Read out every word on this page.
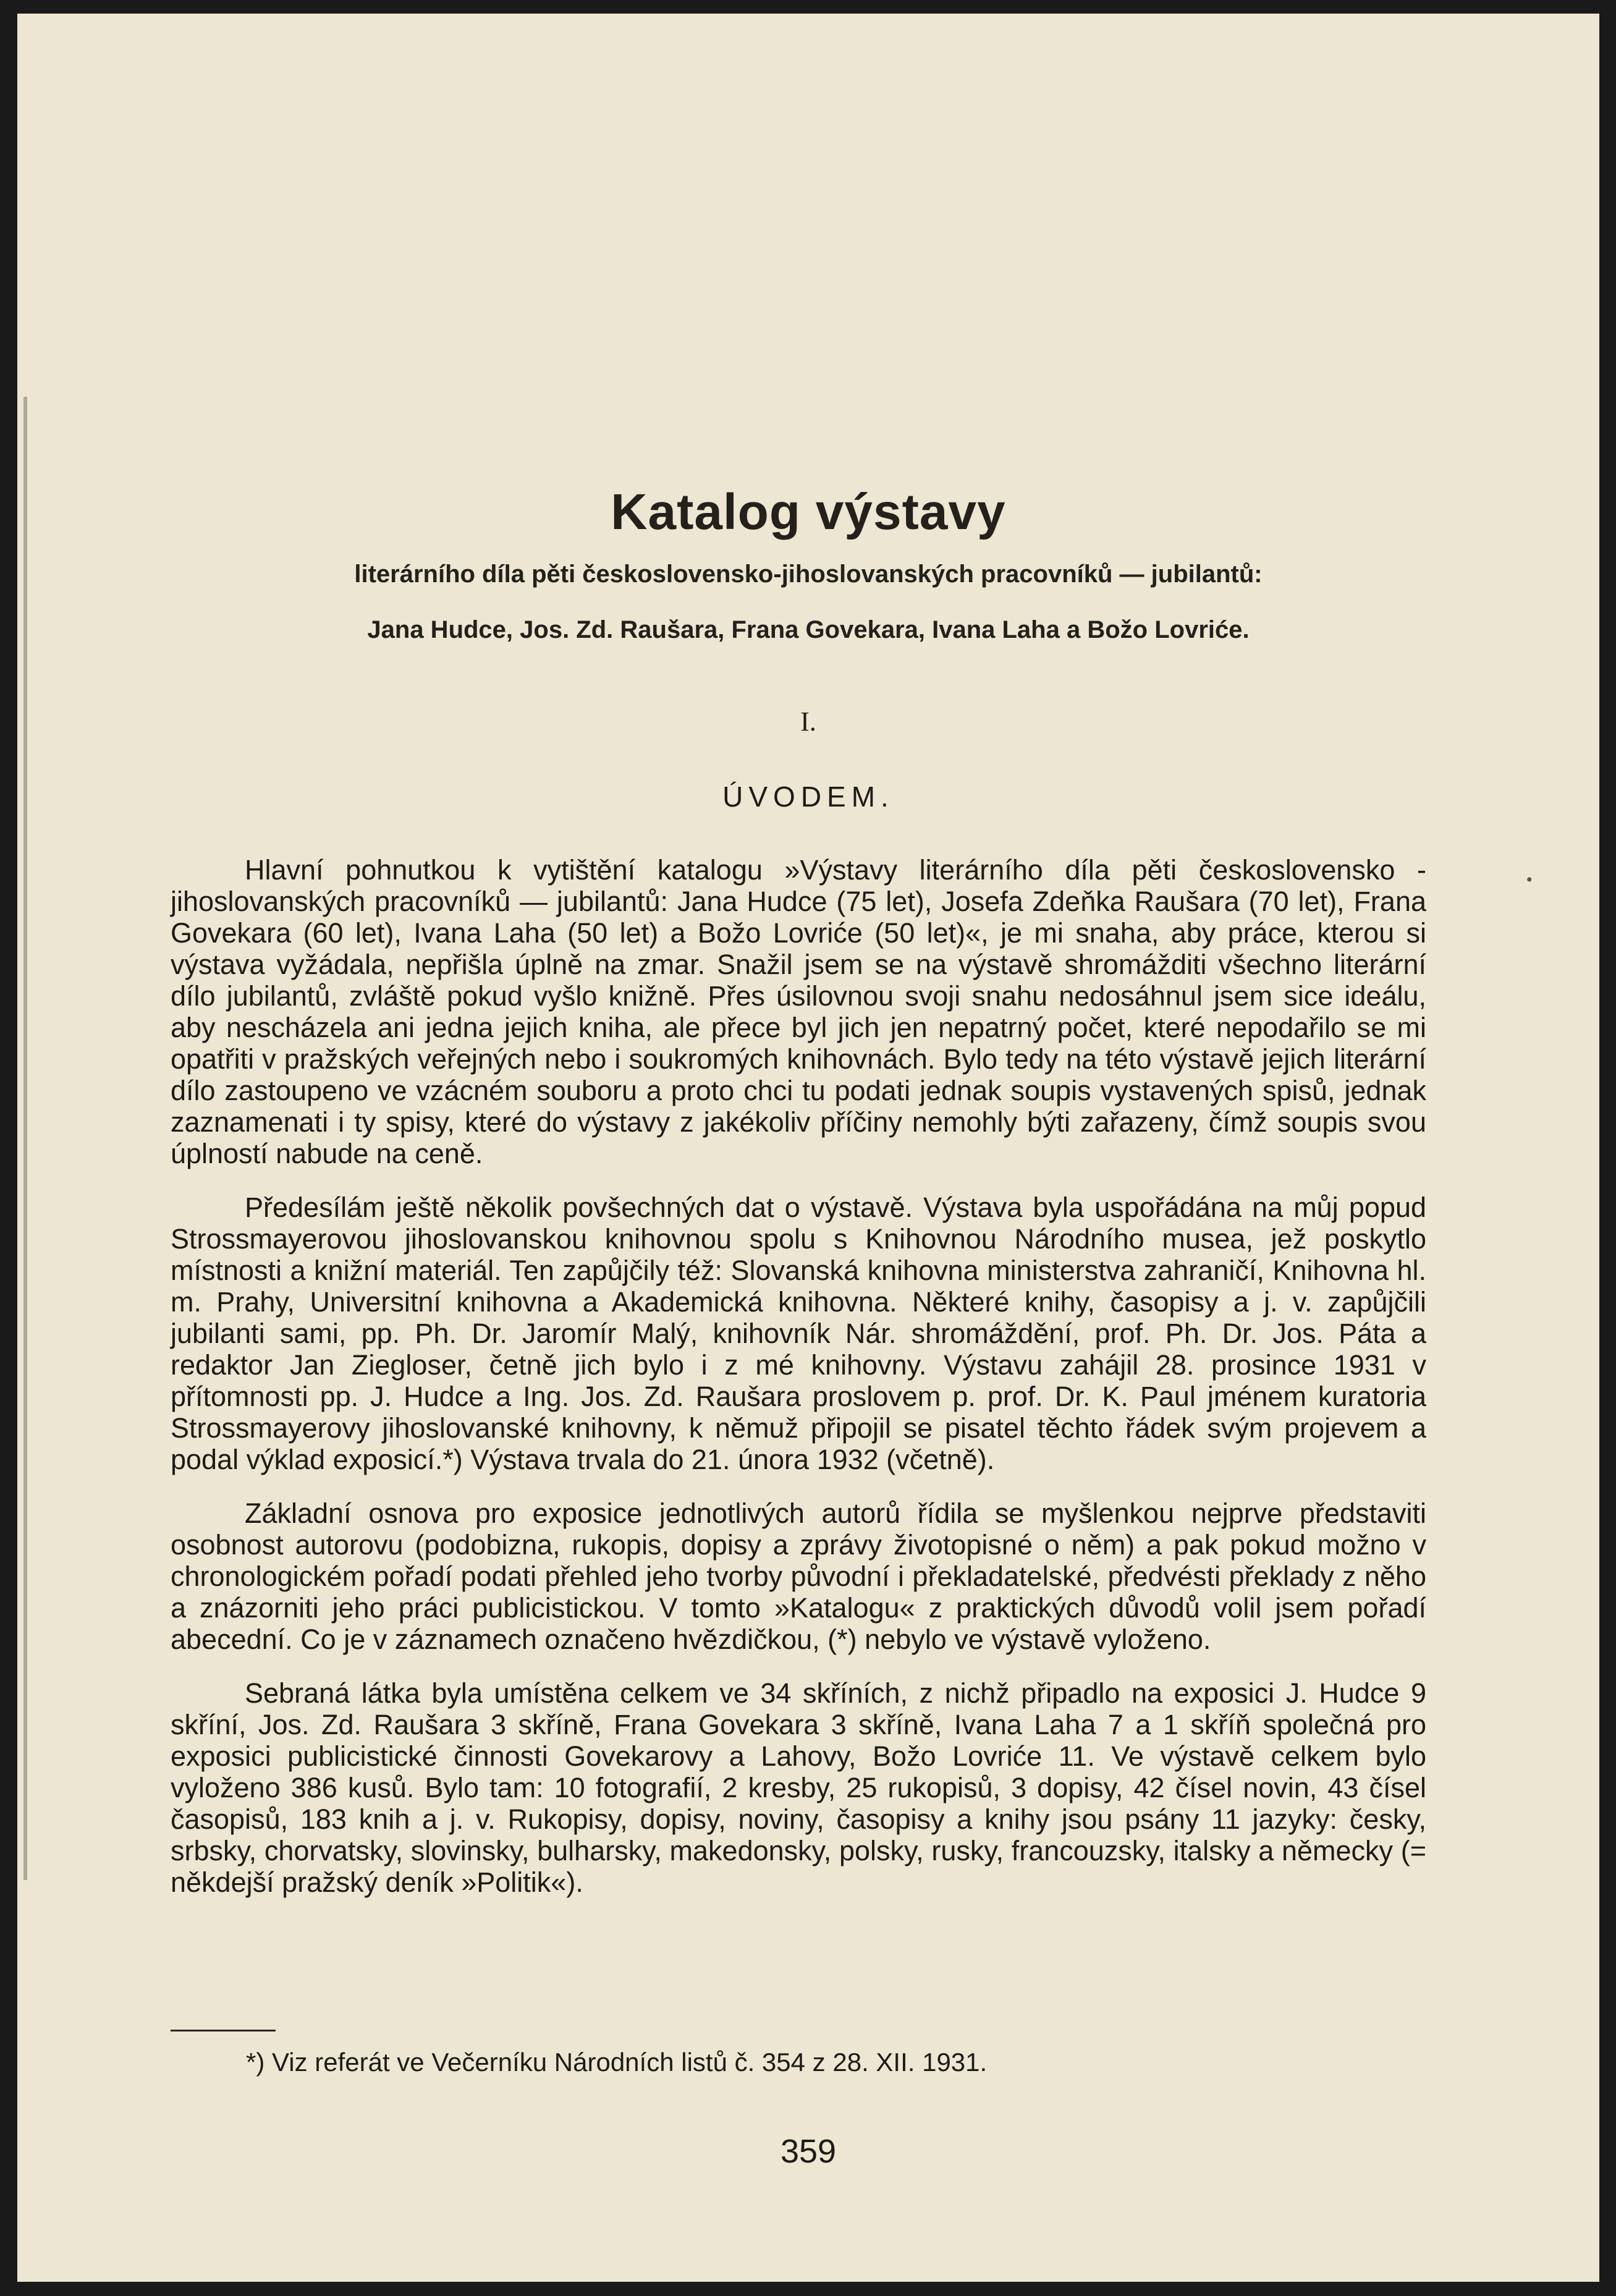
Katalog výstavy
literárního díla pěti československo-jihoslovanských pracovníků — jubilantů:
Jana Hudce, Jos. Zd. Raušara, Frana Govekara, Ivana Laha a Božo Lovriće.
I.
ÚVODEM.
•

Hlavní pohnutkou k vytištění katalogu »Výstavy literárního díla pěti československo - jihoslovanských pracovníků — jubilantů: Jana Hudce (75 let), Josefa Zdeňka Raušara (70 let), Frana Govekara (60 let), Ivana Laha (50 let) a Božo Lovriće (50 let)«, je mi snaha, aby práce, kterou si výstava vyžádala, nepřišla úplně na zmar. Snažil jsem se na výstavě shromážditi všechno literární dílo jubilantů, zvláště pokud vyšlo knižně. Přes úsilovnou svoji snahu nedosáhnul jsem sice ideálu, aby nescházela ani jedna jejich kniha, ale přece byl jich jen nepatrný počet, které nepodařilo se mi opatřiti v pražských veřejných nebo i soukromých knihovnách. Bylo tedy na této výstavě jejich literární dílo zastoupeno ve vzácném souboru a proto chci tu podati jednak soupis vystavených spisů, jednak zaznamenati i ty spisy, které do výstavy z jakékoliv příčiny nemohly býti zařazeny, čímž soupis svou úplností nabude na ceně.

Předesílám ještě několik povšechných dat o výstavě. Výstava byla uspořádána na můj popud Strossmayerovou jihoslovanskou knihovnou spolu s Knihovnou Národního musea, jež poskytlo místnosti a knižní materiál. Ten zapůjčily též: Slovanská knihovna ministerstva zahraničí, Knihovna hl. m. Prahy, Universitní knihovna a Akademická knihovna. Některé knihy, časopisy a j. v. zapůjčili jubilanti sami, pp. Ph. Dr. Jaromír Malý, knihovník Nár. shromáždění, prof. Ph. Dr. Jos. Páta a redaktor Jan Ziegloser, četně jich bylo i z mé knihovny. Výstavu zahájil 28. prosince 1931 v přítomnosti pp. J. Hudce a Ing. Jos. Zd. Raušara proslovem p. prof. Dr. K. Paul jménem kuratoria Strossmayerovy jihoslovanské knihovny, k němuž připojil se pisatel těchto řádek svým projevem a podal výklad exposicí.*) Výstava trvala do 21. února 1932 (včetně).

Základní osnova pro exposice jednotlivých autorů řídila se myšlenkou nejprve představiti osobnost autorovu (podobizna, rukopis, dopisy a zprávy životopisné o něm) a pak pokud možno v chronologickém pořadí podati přehled jeho tvorby původní i překladatelské, předvésti překlady z něho a znázorniti jeho práci publicistickou. V tomto »Katalogu« z praktických důvodů volil jsem pořadí abecední. Co je v záznamech označeno hvězdičkou, (*) nebylo ve výstavě vyloženo.

Sebraná látka byla umístěna celkem ve 34 skříních, z nichž připadlo na exposici J. Hudce 9 skříní, Jos. Zd. Raušara 3 skříně, Frana Govekara 3 skříně, Ivana Laha 7 a 1 skříň společná pro exposici publicistické činnosti Govekarovy a Lahovy, Božo Lovriće 11. Ve výstavě celkem bylo vyloženo 386 kusů. Bylo tam: 10 fotografií, 2 kresby, 25 rukopisů, 3 dopisy, 42 čísel novin, 43 čísel časopisů, 183 knih a j. v. Rukopisy, dopisy, noviny, časopisy a knihy jsou psány 11 jazyky: česky, srbsky, chorvatsky, slovinsky, bulharsky, makedonsky, polsky, rusky, francouzsky, italsky a německy (= někdejší pražský deník »Politik«).

*) Viz referát ve Večerníku Národních listů č. 354 z 28. XII. 1931.
359
